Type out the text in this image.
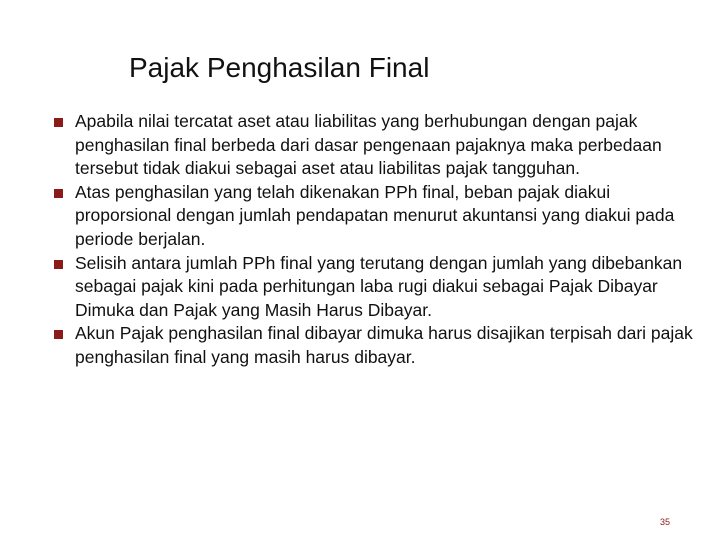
Pajak Penghasilan Final
Apabila nilai tercatat aset atau liabilitas yang berhubungan dengan pajak penghasilan final berbeda dari dasar pengenaan pajaknya maka perbedaan tersebut tidak diakui sebagai aset atau liabilitas pajak tangguhan.
Atas penghasilan yang telah dikenakan PPh final, beban pajak diakui proporsional dengan jumlah pendapatan menurut akuntansi yang diakui pada periode berjalan.
Selisih antara jumlah PPh final yang terutang dengan jumlah yang dibebankan sebagai pajak kini pada perhitungan laba rugi diakui sebagai Pajak Dibayar Dimuka dan Pajak yang Masih Harus Dibayar.
Akun Pajak penghasilan final dibayar dimuka harus disajikan terpisah dari pajak penghasilan final yang masih harus dibayar.
35
